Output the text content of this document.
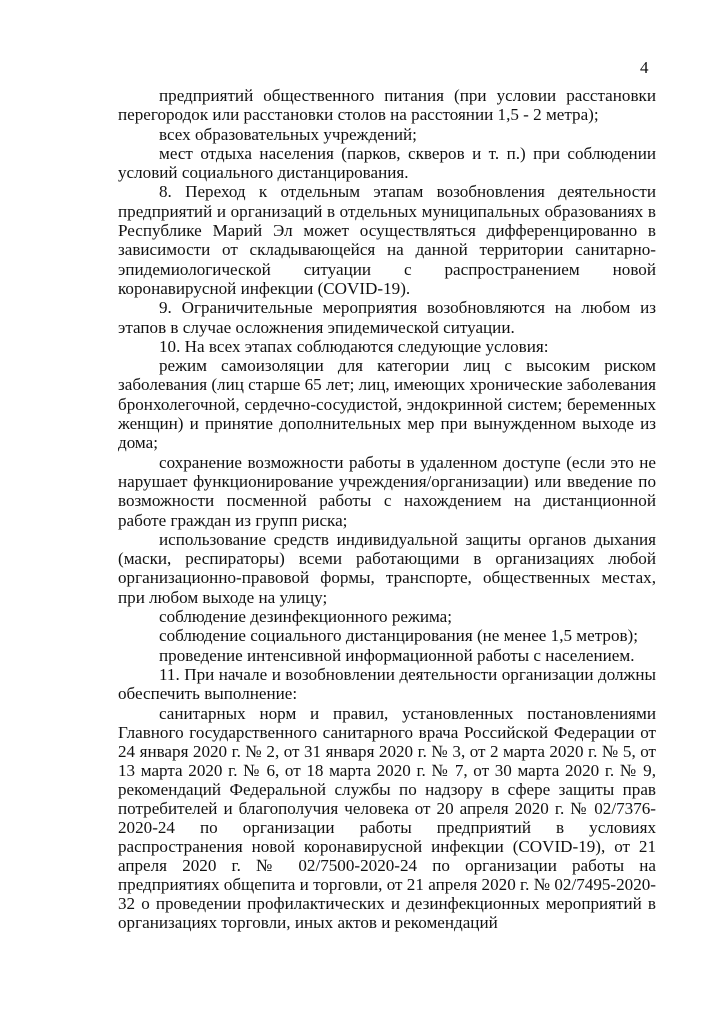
4

предприятий общественного питания (при условии расстановки перегородок или расстановки столов на расстоянии 1,5 - 2 метра);

всех образовательных учреждений;

мест отдыха населения (парков, скверов и т. п.) при соблюдении условий социального дистанцирования.

8. Переход к отдельным этапам возобновления деятельности предприятий и организаций в отдельных муниципальных образованиях в Республике Марий Эл может осуществляться дифференцированно в зависимости от складывающейся на данной территории санитарно-эпидемиологической ситуации с распространением новой коронавирусной инфекции (COVID-19).

9. Ограничительные мероприятия возобновляются на любом из этапов в случае осложнения эпидемической ситуации.

10. На всех этапах соблюдаются следующие условия:

режим самоизоляции для категории лиц с высоким риском заболевания (лиц старше 65 лет; лиц, имеющих хронические заболевания бронхолегочной, сердечно-сосудистой, эндокринной систем; беременных женщин) и принятие дополнительных мер при вынужденном выходе из дома;

сохранение возможности работы в удаленном доступе (если это не нарушает функционирование учреждения/организации) или введение по возможности посменной работы с нахождением на дистанционной работе граждан из групп риска;

использование средств индивидуальной защиты органов дыхания (маски, респираторы) всеми работающими в организациях любой организационно-правовой формы, транспорте, общественных местах, при любом выходе на улицу;

соблюдение дезинфекционного режима;

соблюдение социального дистанцирования (не менее 1,5 метров);

проведение интенсивной информационной работы с населением.

11. При начале и возобновлении деятельности организации должны обеспечить выполнение:

санитарных норм и правил, установленных постановлениями Главного государственного санитарного врача Российской Федерации от 24 января 2020 г. № 2, от 31 января 2020 г. № 3, от 2 марта 2020 г. № 5, от 13 марта 2020 г. № 6, от 18 марта 2020 г. № 7, от 30 марта 2020 г. № 9, рекомендаций Федеральной службы по надзору в сфере защиты прав потребителей и благополучия человека от 20 апреля 2020 г. № 02/7376-2020-24 по организации работы предприятий в условиях распространения новой коронавирусной инфекции (COVID-19), от 21 апреля 2020 г. № 02/7500-2020-24 по организации работы на предприятиях общепита и торговли, от 21 апреля 2020 г. № 02/7495-2020-32 о проведении профилактических и дезинфекционных мероприятий в организациях торговли, иных актов и рекомендаций
